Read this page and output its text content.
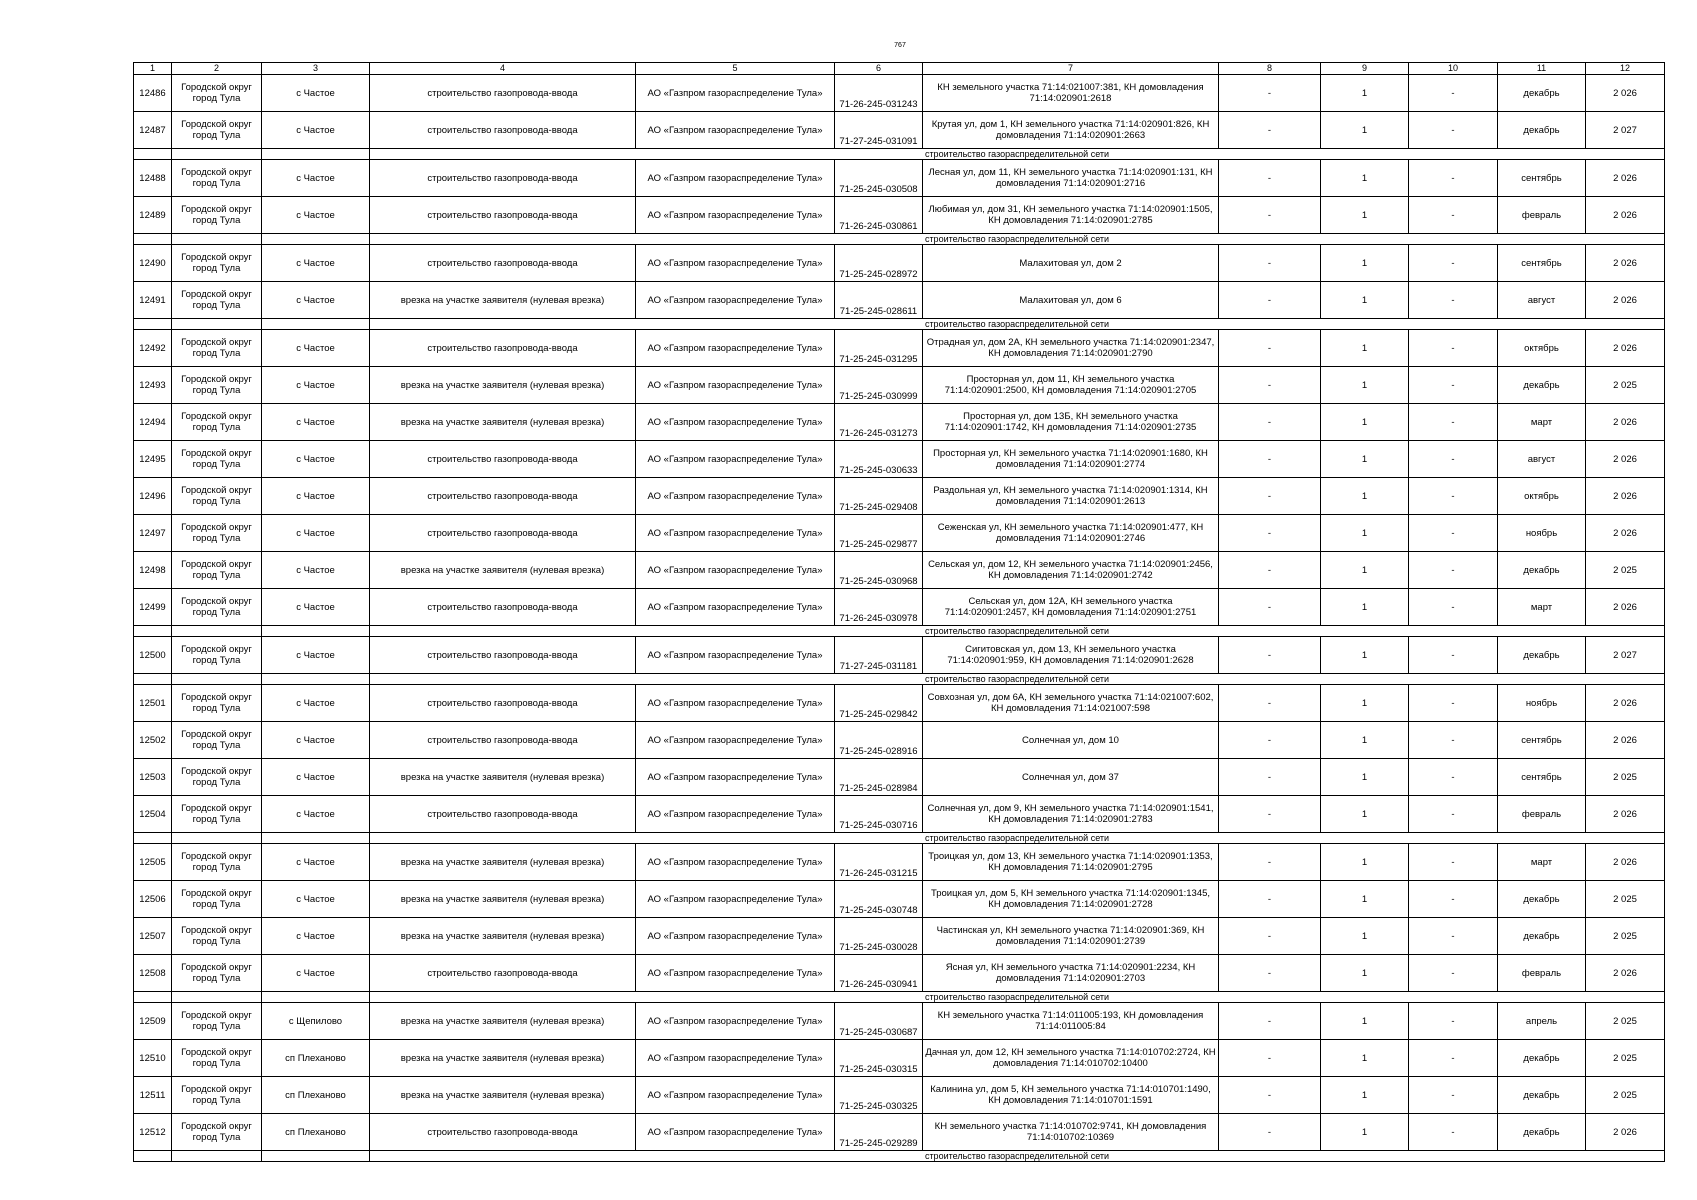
767
1	2	3	4	5	6	7	8	9	10	11	12
12486	Городской округ город Тула	с Частое	строительство газопровода-ввода	АО «Газпром газораспределение Тула»	71-26-245-031243	КН земельного участка 71:14:021007:381, КН домовладения 71:14:020901:2618	-	1	-	декабрь	2 026
12487	Городской округ город Тула	с Частое	строительство газопровода-ввода	АО «Газпром газораспределение Тула»	71-27-245-031091	Крутая ул, дом 1, КН земельного участка 71:14:020901:826, КН домовладения 71:14:020901:2663	-	1	-	декабрь	2 027
			строительство газораспределительной сети								
12488	Городской округ город Тула	с Частое	строительство газопровода-ввода	АО «Газпром газораспределение Тула»	71-25-245-030508	Лесная ул, дом 11, КН земельного участка 71:14:020901:131, КН домовладения 71:14:020901:2716	-	1	-	сентябрь	2 026
12489	Городской округ город Тула	с Частое	строительство газопровода-ввода	АО «Газпром газораспределение Тула»	71-26-245-030861	Любимая ул, дом 31, КН земельного участка 71:14:020901:1505, КН домовладения 71:14:020901:2785	-	1	-	февраль	2 026
			строительство газораспределительной сети								
12490	Городской округ город Тула	с Частое	строительство газопровода-ввода	АО «Газпром газораспределение Тула»	71-25-245-028972	Малахитовая ул, дом 2	-	1	-	сентябрь	2 026
12491	Городской округ город Тула	с Частое	врезка на участке заявителя (нулевая врезка)	АО «Газпром газораспределение Тула»	71-25-245-028611	Малахитовая ул, дом 6	-	1	-	август	2 026
			строительство газораспределительной сети								
12492	Городской округ город Тула	с Частое	строительство газопровода-ввода	АО «Газпром газораспределение Тула»	71-25-245-031295	Отрадная ул, дом 2А, КН земельного участка 71:14:020901:2347, КН домовладения 71:14:020901:2790	-	1	-	октябрь	2 026
12493	Городской округ город Тула	с Частое	врезка на участке заявителя (нулевая врезка)	АО «Газпром газораспределение Тула»	71-25-245-030999	Просторная ул, дом 11, КН земельного участка 71:14:020901:2500, КН домовладения 71:14:020901:2705	-	1	-	декабрь	2 025
12494	Городской округ город Тула	с Частое	врезка на участке заявителя (нулевая врезка)	АО «Газпром газораспределение Тула»	71-26-245-031273	Просторная ул, дом 13Б, КН земельного участка 71:14:020901:1742, КН домовладения 71:14:020901:2735	-	1	-	март	2 026
12495	Городской округ город Тула	с Частое	строительство газопровода-ввода	АО «Газпром газораспределение Тула»	71-25-245-030633	Просторная ул, КН земельного участка 71:14:020901:1680, КН домовладения 71:14:020901:2774	-	1	-	август	2 026
12496	Городской округ город Тула	с Частое	строительство газопровода-ввода	АО «Газпром газораспределение Тула»	71-25-245-029408	Раздольная ул, КН земельного участка 71:14:020901:1314, КН домовладения 71:14:020901:2613	-	1	-	октябрь	2 026
12497	Городской округ город Тула	с Частое	строительство газопровода-ввода	АО «Газпром газораспределение Тула»	71-25-245-029877	Сеженская ул, КН земельного участка 71:14:020901:477, КН домовладения 71:14:020901:2746	-	1	-	ноябрь	2 026
12498	Городской округ город Тула	с Частое	врезка на участке заявителя (нулевая врезка)	АО «Газпром газораспределение Тула»	71-25-245-030968	Сельская ул, дом 12, КН земельного участка 71:14:020901:2456, КН домовладения 71:14:020901:2742	-	1	-	декабрь	2 025
12499	Городской округ город Тула	с Частое	строительство газопровода-ввода	АО «Газпром газораспределение Тула»	71-26-245-030978	Сельская ул, дом 12А, КН земельного участка 71:14:020901:2457, КН домовладения 71:14:020901:2751	-	1	-	март	2 026
			строительство газораспределительной сети								
12500	Городской округ город Тула	с Частое	строительство газопровода-ввода	АО «Газпром газораспределение Тула»	71-27-245-031181	Сигитовская ул, дом 13, КН земельного участка 71:14:020901:959, КН домовладения 71:14:020901:2628	-	1	-	декабрь	2 027
			строительство газораспределительной сети								
12501	Городской округ город Тула	с Частое	строительство газопровода-ввода	АО «Газпром газораспределение Тула»	71-25-245-029842	Совхозная ул, дом 6А, КН земельного участка 71:14:021007:602, КН домовладения 71:14:021007:598	-	1	-	ноябрь	2 026
12502	Городской округ город Тула	с Частое	строительство газопровода-ввода	АО «Газпром газораспределение Тула»	71-25-245-028916	Солнечная ул, дом 10	-	1	-	сентябрь	2 026
12503	Городской округ город Тула	с Частое	врезка на участке заявителя (нулевая врезка)	АО «Газпром газораспределение Тула»	71-25-245-028984	Солнечная ул, дом 37	-	1	-	сентябрь	2 025
12504	Городской округ город Тула	с Частое	строительство газопровода-ввода	АО «Газпром газораспределение Тула»	71-25-245-030716	Солнечная ул, дом 9, КН земельного участка 71:14:020901:1541, КН домовладения 71:14:020901:2783	-	1	-	февраль	2 026
			строительство газораспределительной сети								
12505	Городской округ город Тула	с Частое	врезка на участке заявителя (нулевая врезка)	АО «Газпром газораспределение Тула»	71-26-245-031215	Троицкая ул, дом 13, КН земельного участка 71:14:020901:1353, КН домовладения 71:14:020901:2795	-	1	-	март	2 026
12506	Городской округ город Тула	с Частое	врезка на участке заявителя (нулевая врезка)	АО «Газпром газораспределение Тула»	71-25-245-030748	Троицкая ул, дом 5, КН земельного участка 71:14:020901:1345, КН домовладения 71:14:020901:2728	-	1	-	декабрь	2 025
12507	Городской округ город Тула	с Частое	врезка на участке заявителя (нулевая врезка)	АО «Газпром газораспределение Тула»	71-25-245-030028	Частинская ул, КН земельного участка 71:14:020901:369, КН домовладения 71:14:020901:2739	-	1	-	декабрь	2 025
12508	Городской округ город Тула	с Частое	строительство газопровода-ввода	АО «Газпром газораспределение Тула»	71-26-245-030941	Ясная ул, КН земельного участка 71:14:020901:2234, КН домовладения 71:14:020901:2703	-	1	-	февраль	2 026
			строительство газораспределительной сети								
12509	Городской округ город Тула	с Щепилово	врезка на участке заявителя (нулевая врезка)	АО «Газпром газораспределение Тула»	71-25-245-030687	КН земельного участка 71:14:011005:193, КН домовладения 71:14:011005:84	-	1	-	апрель	2 025
12510	Городской округ город Тула	сп Плеханово	врезка на участке заявителя (нулевая врезка)	АО «Газпром газораспределение Тула»	71-25-245-030315	Дачная ул, дом 12, КН земельного участка 71:14:010702:2724, КН домовладения 71:14:010702:10400	-	1	-	декабрь	2 025
12511	Городской округ город Тула	сп Плеханово	врезка на участке заявителя (нулевая врезка)	АО «Газпром газораспределение Тула»	71-25-245-030325	Калинина ул, дом 5, КН земельного участка 71:14:010701:1490, КН домовладения 71:14:010701:1591	-	1	-	декабрь	2 025
12512	Городской округ город Тула	сп Плеханово	строительство газопровода-ввода	АО «Газпром газораспределение Тула»	71-25-245-029289	КН земельного участка 71:14:010702:9741, КН домовладения 71:14:010702:10369	-	1	-	декабрь	2 026
			строительство газораспределительной сети								
